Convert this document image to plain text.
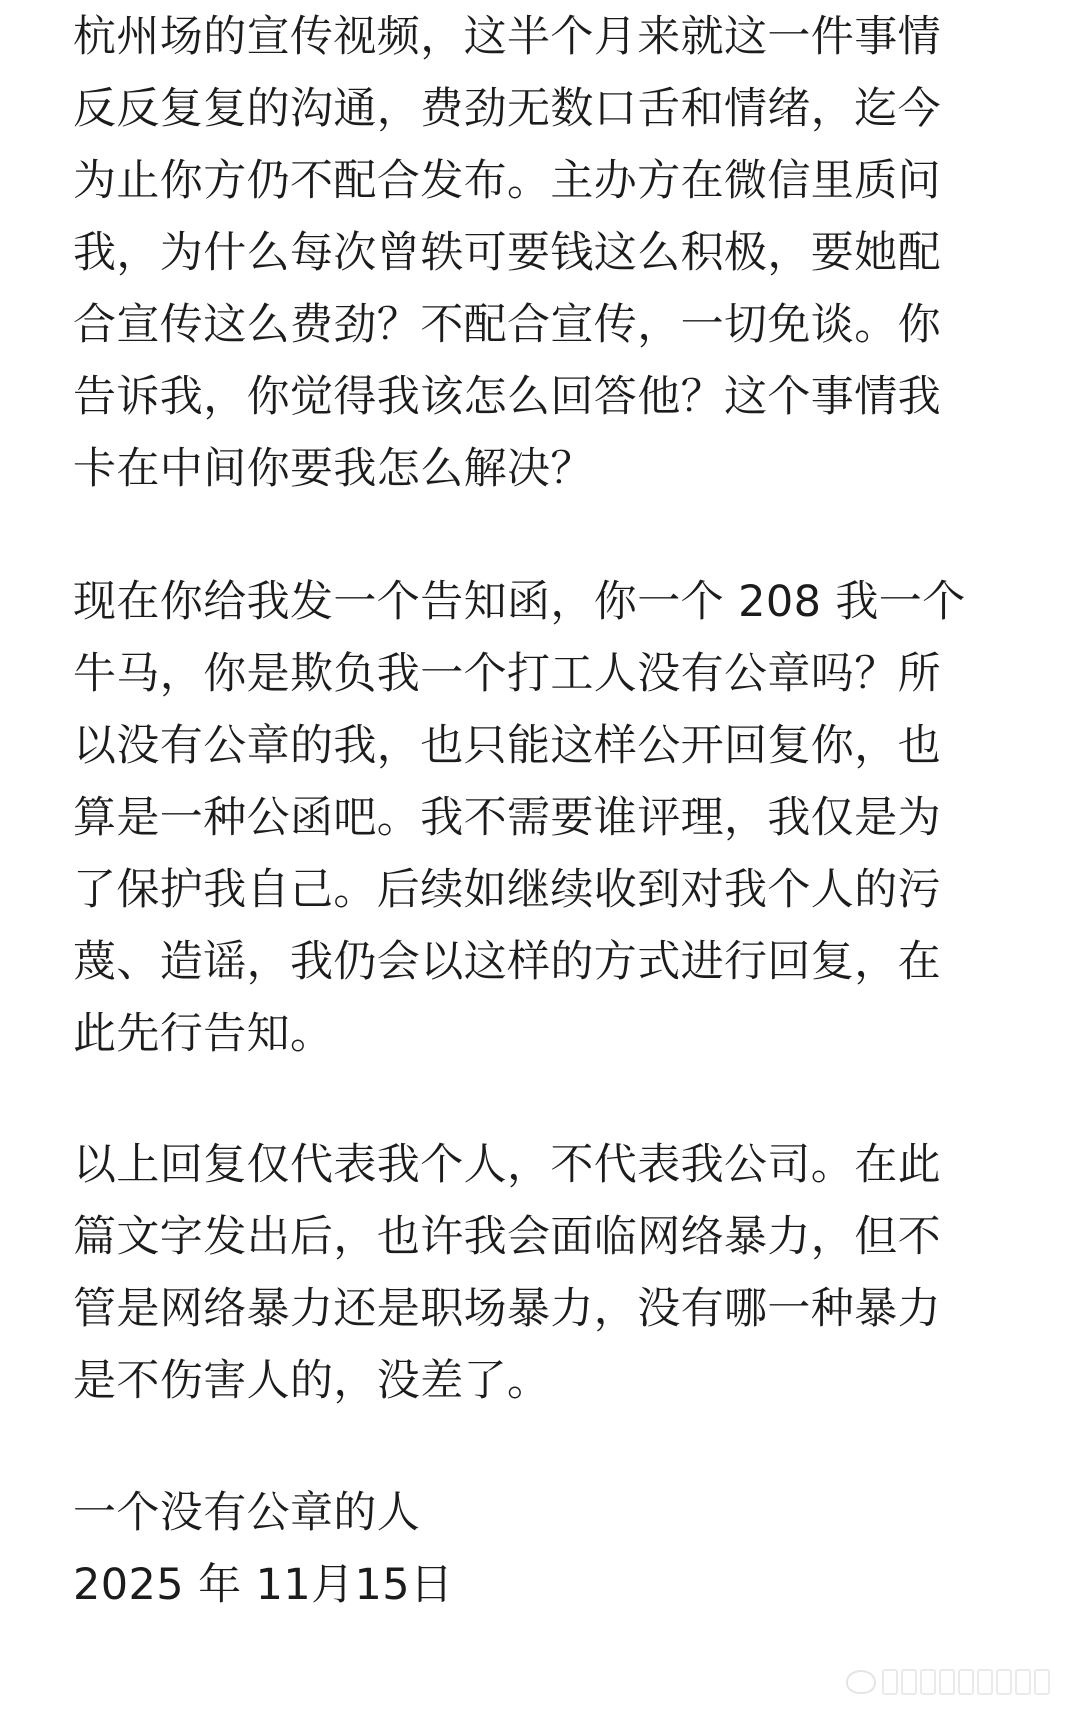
杭州场的宣传视频，这半个月来就这一件事情
反反复复的沟通，费劲无数口舌和情绪，迄今
为止你方仍不配合发布。主办方在微信里质问
我，为什么每次曾轶可要钱这么积极，要她配
合宣传这么费劲？不配合宣传，一切免谈。你
告诉我，你觉得我该怎么回答他？这个事情我
卡在中间你要我怎么解决？
现在你给我发一个告知函，你一个 208 我一个
牛马，你是欺负我一个打工人没有公章吗？所
以没有公章的我，也只能这样公开回复你，也
算是一种公函吧。我不需要谁评理，我仅是为
了保护我自己。后续如继续收到对我个人的污
蔑、造谣，我仍会以这样的方式进行回复，在
此先行告知。
以上回复仅代表我个人，不代表我公司。在此
篇文字发出后，也许我会面临网络暴力，但不
管是网络暴力还是职场暴力，没有哪一种暴力
是不伤害人的，没差了。
一个没有公章的人
2025 年 11月15日
